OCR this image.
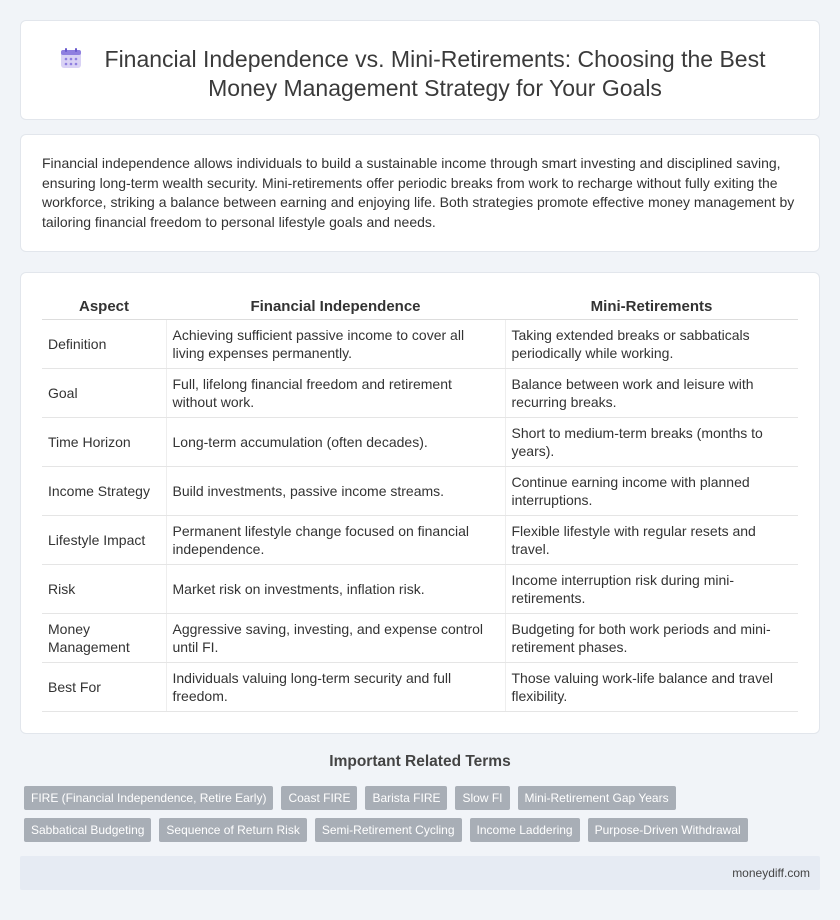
Financial Independence vs. Mini-Retirements: Choosing the Best Money Management Strategy for Your Goals

Financial independence allows individuals to build a sustainable income through smart investing and disciplined saving, ensuring long-term wealth security. Mini-retirements offer periodic breaks from work to recharge without fully exiting the workforce, striking a balance between earning and enjoying life. Both strategies promote effective money management by tailoring financial freedom to personal lifestyle goals and needs.

Aspect	Financial Independence	Mini-Retirements
Definition	Achieving sufficient passive income to cover all living expenses permanently.	Taking extended breaks or sabbaticals periodically while working.
Goal	Full, lifelong financial freedom and retirement without work.	Balance between work and leisure with recurring breaks.
Time Horizon	Long-term accumulation (often decades).	Short to medium-term breaks (months to years).
Income Strategy	Build investments, passive income streams.	Continue earning income with planned interruptions.
Lifestyle Impact	Permanent lifestyle change focused on financial independence.	Flexible lifestyle with regular resets and travel.
Risk	Market risk on investments, inflation risk.	Income interruption risk during mini-retirements.
Money Management	Aggressive saving, investing, and expense control until FI.	Budgeting for both work periods and mini-retirement phases.
Best For	Individuals valuing long-term security and full freedom.	Those valuing work-life balance and travel flexibility.
Important Related Terms
FIRE (Financial Independence, Retire Early)	Coast FIRE	Barista FIRE	Slow FI	Mini-Retirement Gap Years
Sabbatical Budgeting	Sequence of Return Risk	Semi-Retirement Cycling	Income Laddering	Purpose-Driven Withdrawal
moneydiff.com
